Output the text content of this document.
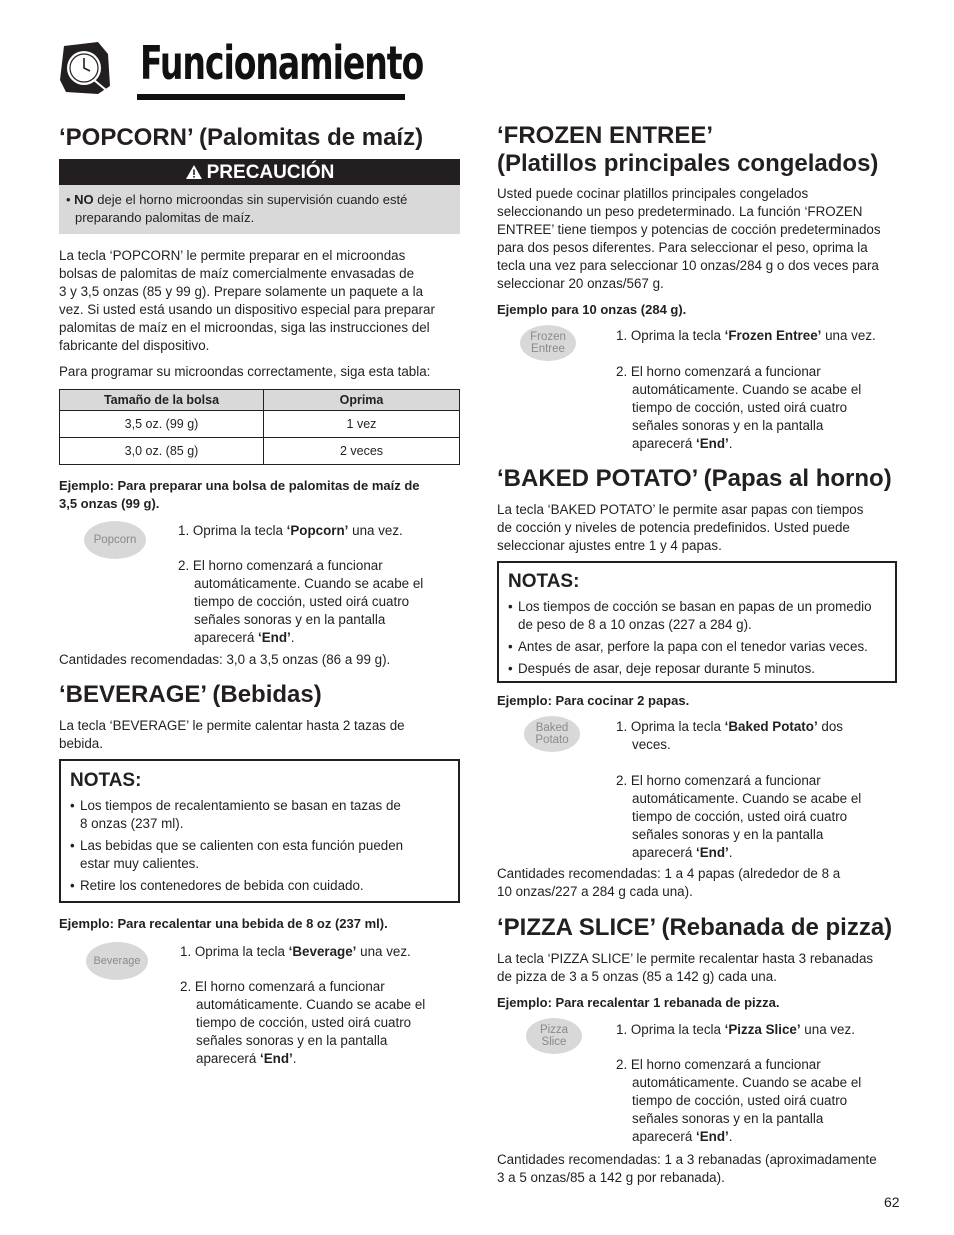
Funcionamiento
‘POPCORN’ (Palomitas de maíz)
PRECAUCIÓN
• NO deje el horno microondas sin supervisión cuando esté
preparando palomitas de maíz.
La tecla ‘POPCORN’ le permite preparar en el microondas
bolsas de palomitas de maíz comercialmente envasadas de
3 y 3,5 onzas (85 y 99 g). Prepare solamente un paquete a la
vez. Si usted está usando un dispositivo especial para preparar
palomitas de maíz en el microondas, siga las instrucciones del
fabricante del dispositivo.
Para programar su microondas correctamente, siga esta tabla:
Tamaño de la bolsa	Oprima
3,5 oz. (99 g)	1 vez
3,0 oz. (85 g)	2 veces
Ejemplo: Para preparar una bolsa de palomitas de maíz de
3,5 onzas (99 g).
Popcorn
1. Oprima la tecla ‘Popcorn’ una vez.
2. El horno comenzará a funcionar
automáticamente. Cuando se acabe el
tiempo de cocción, usted oirá cuatro
señales sonoras y en la pantalla
aparecerá ‘End’.
Cantidades recomendadas: 3,0 a 3,5 onzas (86 a 99 g).
‘BEVERAGE’ (Bebidas)
La tecla ‘BEVERAGE’ le permite calentar hasta 2 tazas de
bebida.
NOTAS:
• Los tiempos de recalentamiento se basan en tazas de
8 onzas (237 ml).
• Las bebidas que se calienten con esta función pueden
estar muy calientes.
• Retire los contenedores de bebida con cuidado.
Ejemplo: Para recalentar una bebida de 8 oz (237 ml).
Beverage
1. Oprima la tecla ‘Beverage’ una vez.
2. El horno comenzará a funcionar
automáticamente. Cuando se acabe el
tiempo de cocción, usted oirá cuatro
señales sonoras y en la pantalla
aparecerá ‘End’.
‘FROZEN ENTREE’
(Platillos principales congelados)
Usted puede cocinar platillos principales congelados
seleccionando un peso predeterminado. La función ‘FROZEN
ENTREE’ tiene tiempos y potencias de cocción predeterminados
para dos pesos diferentes. Para seleccionar el peso, oprima la
tecla una vez para seleccionar 10 onzas/284 g o dos veces para
seleccionar 20 onzas/567 g.
Ejemplo para 10 onzas (284 g).
Frozen
Entree
1. Oprima la tecla ‘Frozen Entree’ una vez.
2. El horno comenzará a funcionar
automáticamente. Cuando se acabe el
tiempo de cocción, usted oirá cuatro
señales sonoras y en la pantalla
aparecerá ‘End’.
‘BAKED POTATO’ (Papas al horno)
La tecla ‘BAKED POTATO’ le permite asar papas con tiempos
de cocción y niveles de potencia predefinidos. Usted puede
seleccionar ajustes entre 1 y 4 papas.
NOTAS:
• Los tiempos de cocción se basan en papas de un promedio
de peso de 8 a 10 onzas (227 a 284 g).
• Antes de asar, perfore la papa con el tenedor varias veces.
• Después de asar, deje reposar durante 5 minutos.
Ejemplo: Para cocinar 2 papas.
Baked
Potato
1. Oprima la tecla ‘Baked Potato’ dos
veces.
2. El horno comenzará a funcionar
automáticamente. Cuando se acabe el
tiempo de cocción, usted oirá cuatro
señales sonoras y en la pantalla
aparecerá ‘End’.
Cantidades recomendadas: 1 a 4 papas (alrededor de 8 a
10 onzas/227 a 284 g cada una).
‘PIZZA SLICE’ (Rebanada de pizza)
La tecla ‘PIZZA SLICE’ le permite recalentar hasta 3 rebanadas
de pizza de 3 a 5 onzas (85 a 142 g) cada una.
Ejemplo: Para recalentar 1 rebanada de pizza.
Pizza
Slice
1. Oprima la tecla ‘Pizza Slice’ una vez.
2. El horno comenzará a funcionar
automáticamente. Cuando se acabe el
tiempo de cocción, usted oirá cuatro
señales sonoras y en la pantalla
aparecerá ‘End’.
Cantidades recomendadas: 1 a 3 rebanadas (aproximadamente
3 a 5 onzas/85 a 142 g por rebanada).
62
